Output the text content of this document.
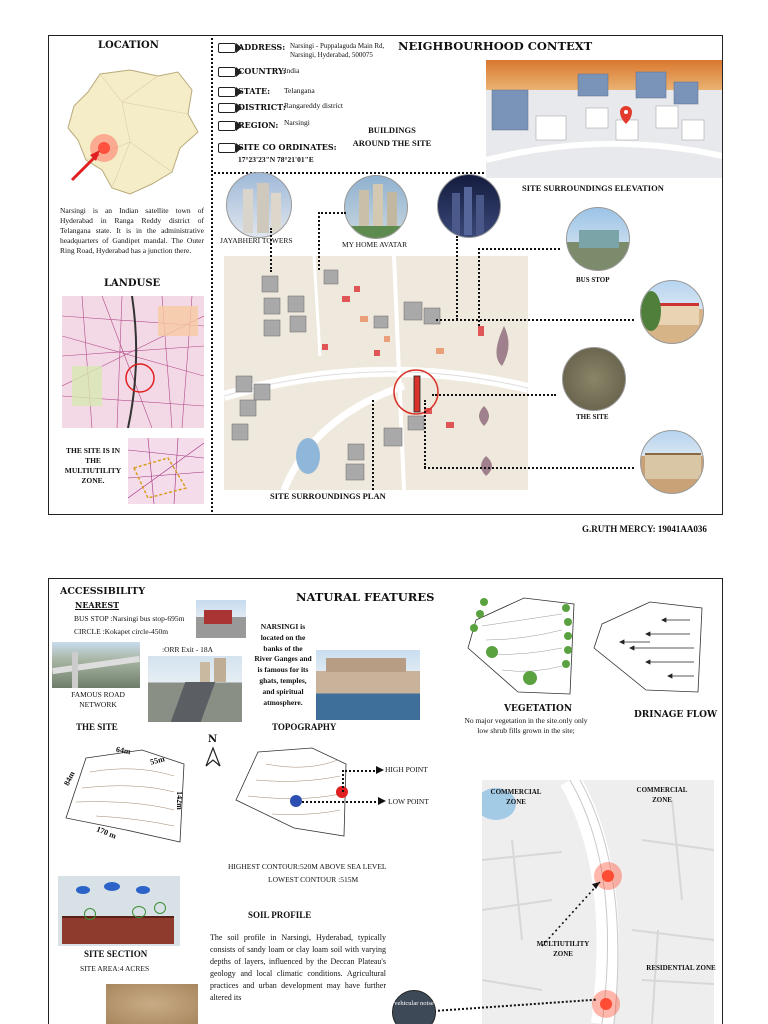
LOCATION
Narsingi is an Indian satellite town of Hyderabad in Ranga Reddy district of Telangana state. It is in the administrative headquarters of Gandipet mandal. The Outer Ring Road, Hyderabad has a junction there.
LANDUSE
THE SITE IS IN THE MULTIUTILITY ZONE.
ADDRESS: Narsingi - Puppalaguda Main Rd, Narsingi, Hyderabad, 500075
COUNTRY:
India
STATE: Telangana
DISTRICT:
Rangareddy district
REGION: Narsingi
SITE CO ORDINATES:
17°23'23"N 78°21'01"E
NEIGHBOURHOOD CONTEXT
BUILDINGS AROUND THE SITE
SITE SURROUNDINGS ELEVATION
JAYABHERI TOWERS	MY HOME AVATAR
BUS STOP
THE SITE
SITE SURROUNDINGS PLAN
G.RUTH MERCY: 19041AA036
ACCESSIBILITY
NEAREST
BUS STOP :Narsingi bus stop-695m
CIRCLE :Kokapet circle-450m
:ORR Exit - 18A
FAMOUS ROAD NETWORK
NATURAL FEATURES
NARSINGI is located on the banks of the River Ganges and is famous for its ghats, temples, and spiritual atmosphere.
VEGETATION
No major vegetation in the site.only only low shrub fills grown in the site;
DRINAGE FLOW
THE SITE	TOPOGRAPHY
64m
55m
84m
142m
170 m
N
HIGH POINT
LOW POINT
HIGHEST CONTOUR:520M ABOVE SEA LEVEL
LOWEST CONTOUR :515M
SITE SECTION
SITE AREA:4 ACRES
SOIL PROFILE
The soil profile in Narsingi, Hyderabad, typically consists of sandy loam or clay loam soil with varying depths of layers, influenced by the Deccan Plateau's geology and local climatic conditions. Agricultural practices and urban development may have further altered its
COMMERCIAL ZONE
COMMERCIAL ZONE
MULTIUTILITY ZONE
RESIDENTIAL ZONE
vehicular noise
